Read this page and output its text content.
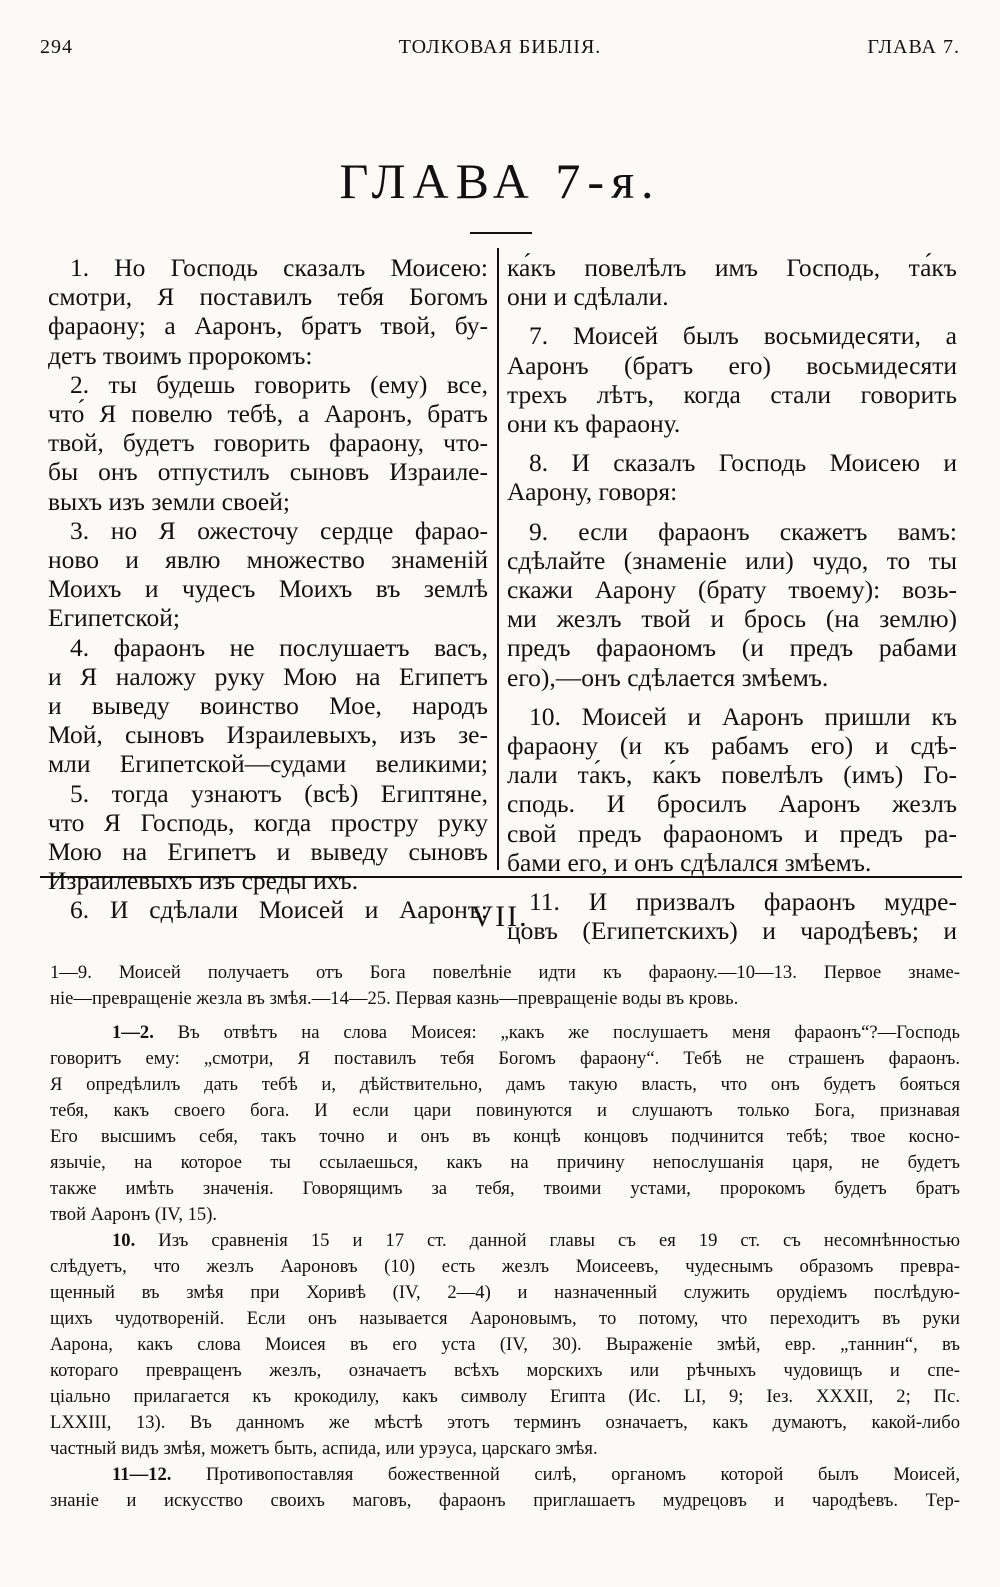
294	ТОЛКОВАЯ БИБЛІЯ.	ГЛАВА 7.
ГЛАВА 7-я.
1. Но Господь сказалъ Моисею:
смотри, Я поставилъ тебя Богомъ
фараону; а Ааронъ, братъ твой, бу-
детъ твоимъ пророкомъ:
2. ты будешь говорить (ему) все,
что́ Я повелю тебѣ, а Ааронъ, братъ
твой, будетъ говорить фараону, что-
бы онъ отпустилъ сыновъ Израиле-
выхъ изъ земли своей;
3. но Я ожесточу сердце фарао-
ново и явлю множество знаменій
Моихъ и чудесъ Моихъ въ землѣ
Египетской;
4. фараонъ не послушаетъ васъ,
и Я наложу руку Мою на Египетъ
и выведу воинство Мое, народъ
Мой, сыновъ Израилевыхъ, изъ зе-
мли Египетской—судами великими;
5. тогда узнаютъ (всѣ) Египтяне,
что Я Господь, когда простру руку
Мою на Египетъ и выведу сыновъ
Израилевыхъ изъ среды ихъ.
6. И сдѣлали Моисей и Ааронъ:
ка́къ повелѣлъ имъ Господь, та́къ
они и сдѣлали.
7. Моисей былъ восьмидесяти, а
Ааронъ (братъ его) восьмидесяти
трехъ лѣтъ, когда стали говорить
они къ фараону.
8. И сказалъ Господь Моисею и
Аарону, говоря:
9. если фараонъ скажетъ вамъ:
сдѣлайте (знаменіе или) чудо, то ты
скажи Аарону (брату твоему): возь-
ми жезлъ твой и брось (на землю)
предъ фараономъ (и предъ рабами
его),—онъ сдѣлается змѣемъ.
10. Моисей и Ааронъ пришли къ
фараону (и къ рабамъ его) и сдѣ-
лали та́къ, ка́къ повелѣлъ (имъ) Го-
сподь. И бросилъ Ааронъ жезлъ
свой предъ фараономъ и предъ ра-
бами его, и онъ сдѣлался змѣемъ.
11. И призвалъ фараонъ мудре-
цовъ (Египетскихъ) и чародѣевъ; и
VII.
1—9. Моисей получаетъ отъ Бога повелѣніе идти къ фараону.—10—13. Первое знаме-
ніе—превращеніе жезла въ змѣя.—14—25. Первая казнь—превращеніе воды въ кровь.
1—2. Въ отвѣтъ на слова Моисея: „какъ же послушаетъ меня фараонъ“?—Господь
говоритъ ему: „смотри, Я поставилъ тебя Богомъ фараону“. Тебѣ не страшенъ фараонъ.
Я опредѣлилъ дать тебѣ и, дѣйствительно, дамъ такую власть, что онъ будетъ бояться
тебя, какъ своего бога. И если цари повинуются и слушаютъ только Бога, признавая
Его высшимъ себя, такъ точно и онъ въ концѣ концовъ подчинится тебѣ; твое косно-
язычіе, на которое ты ссылаешься, какъ на причину непослушанія царя, не будетъ
также имѣть значенія. Говорящимъ за тебя, твоими устами, пророкомъ будетъ братъ
твой Ааронъ (IV, 15).
10. Изъ сравненія 15 и 17 ст. данной главы съ ея 19 ст. съ несомнѣнностью
слѣдуетъ, что жезлъ Аароновъ (10) есть жезлъ Моисеевъ, чудеснымъ образомъ превра-
щенный въ змѣя при Хоривѣ (IV, 2—4) и назначенный служить орудіемъ послѣдую-
щихъ чудотвореній. Если онъ называется Аароновымъ, то потому, что переходитъ въ руки
Аарона, какъ слова Моисея въ его уста (IV, 30). Выраженіе змѣй, евр. „таннин“, въ
котораго превращенъ жезлъ, означаетъ всѣхъ морскихъ или рѣчныхъ чудовищъ и спе-
ціально прилагается къ крокодилу, какъ символу Египта (Ис. LI, 9; Іез. XXXII, 2; Пс.
LXXIII, 13). Въ данномъ же мѣстѣ этотъ терминъ означаетъ, какъ думаютъ, какой-либо
частный видъ змѣя, можетъ быть, аспида, или урэуса, царскаго змѣя.
11—12. Противопоставляя божественной силѣ, органомъ которой былъ Моисей,
знаніе и искусство своихъ маговъ, фараонъ приглашаетъ мудрецовъ и чародѣевъ. Тер-
